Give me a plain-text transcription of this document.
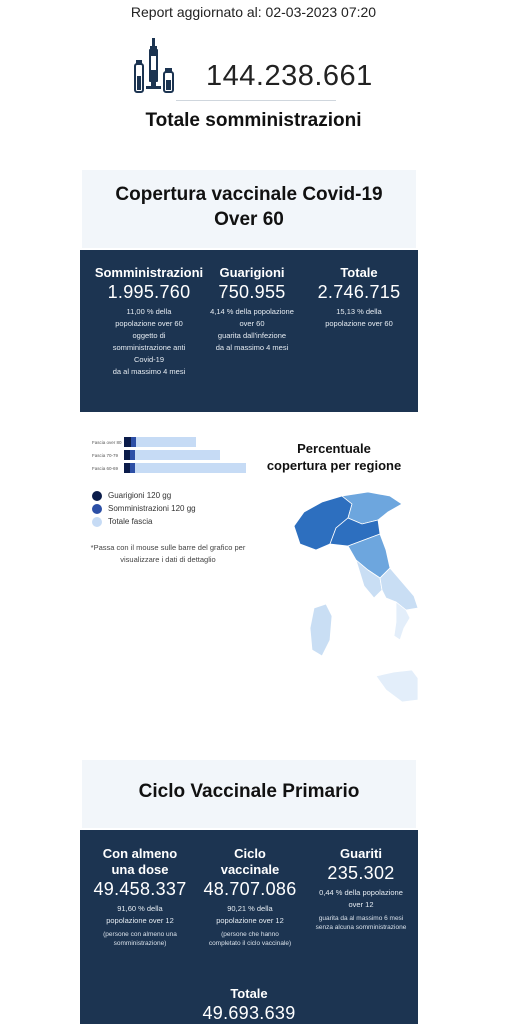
Report aggiornato al: 02-03-2023 07:20
144.238.661
Totale somministrazioni
Copertura vaccinale Covid-19
Over 60
Somministrazioni
1.995.760
11,00 % della
popolazione over 60
oggetto di
somministrazione anti
Covid-19
da al massimo 4 mesi
Guarigioni
750.955
4,14 % della popolazione
over 60
guarita dall'infezione
da al massimo 4 mesi
Totale
2.746.715
15,13 % della
popolazione over 60
Fascia over 80
Fascia 70-79
Fascia 60-69
Guarigioni 120 gg
Somministrazioni 120 gg
Totale fascia
*Passa con il mouse sulle barre del grafico per
visualizzare i dati di dettaglio
Percentuale
copertura per regione
Ciclo Vaccinale Primario
Con almeno
una dose
49.458.337
91,60 % della
popolazione over 12
(persone con almeno una
somministrazione)
Ciclo
vaccinale
48.707.086
90,21 % della
popolazione over 12
(persone che hanno
completato il ciclo vaccinale)
Guariti
235.302
0,44 % della popolazione
over 12
guarita da al massimo 6 mesi
senza alcuna somministrazione
Totale
49.693.639
